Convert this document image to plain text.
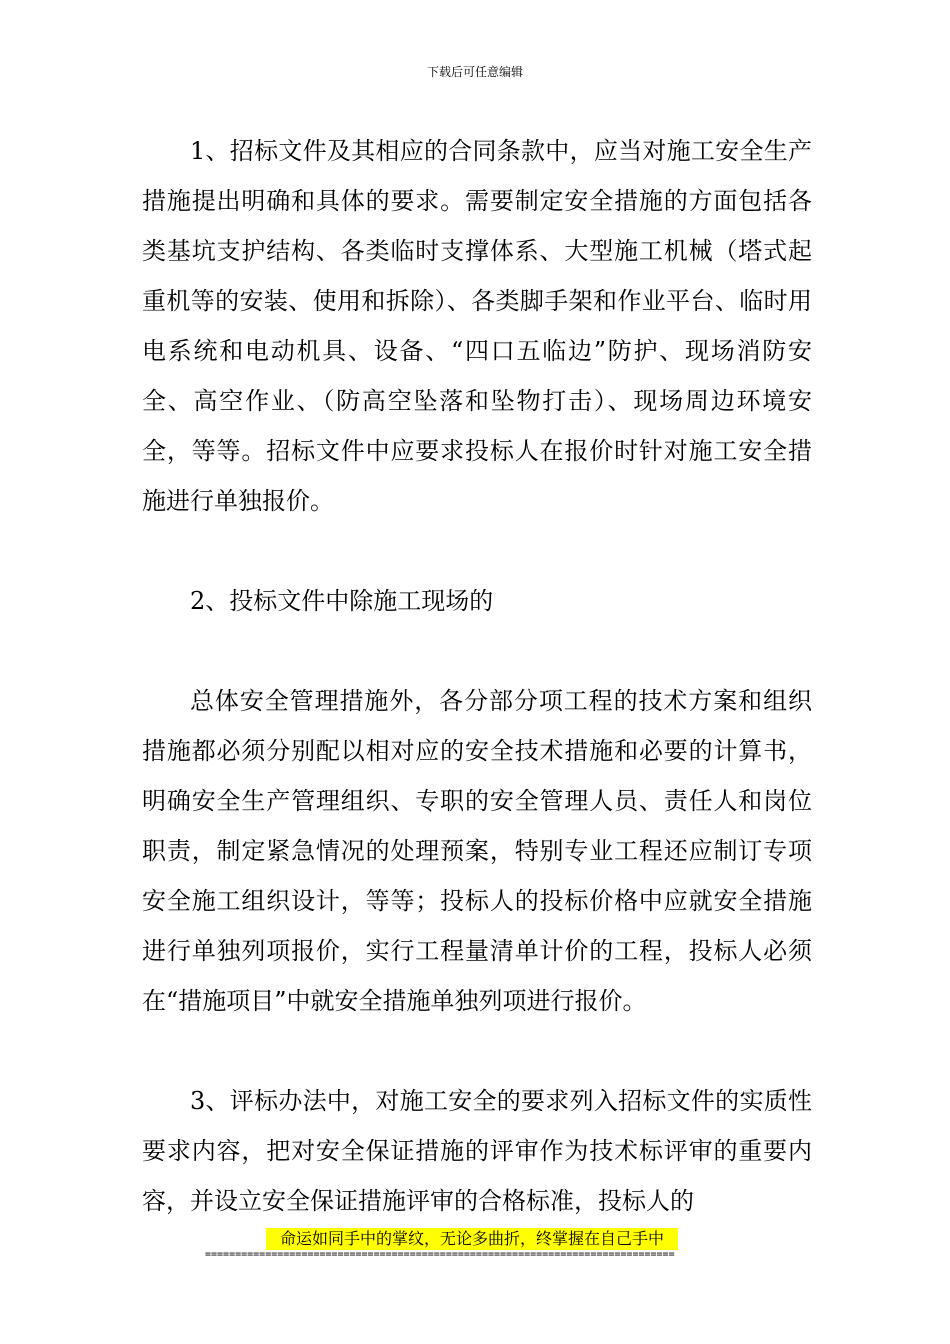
下载后可任意编辑

1、招标文件及其相应的合同条款中，应当对施工安全生产措施提出明确和具体的要求。需要制定安全措施的方面包括各类基坑支护结构、各类临时支撑体系、大型施工机械（塔式起重机等的安装、使用和拆除）、各类脚手架和作业平台、临时用电系统和电动机具、设备、“四口五临边”防护、现场消防安全、高空作业、（防高空坠落和坠物打击）、现场周边环境安全，等等。招标文件中应要求投标人在报价时针对施工安全措施进行单独报价。

2、投标文件中除施工现场的

总体安全管理措施外，各分部分项工程的技术方案和组织措施都必须分别配以相对应的安全技术措施和必要的计算书，明确安全生产管理组织、专职的安全管理人员、责任人和岗位职责，制定紧急情况的处理预案，特别专业工程还应制订专项安全施工组织设计，等等；投标人的投标价格中应就安全措施进行单独列项报价，实行工程量清单计价的工程，投标人必须在“措施项目”中就安全措施单独列项进行报价。

3、评标办法中，对施工安全的要求列入招标文件的实质性要求内容，把对安全保证措施的评审作为技术标评审的重要内容，并设立安全保证措施评审的合格标准，投标人的

命运如同手中的掌纹，无论多曲折，终掌握在自己手中
==============================================================================
